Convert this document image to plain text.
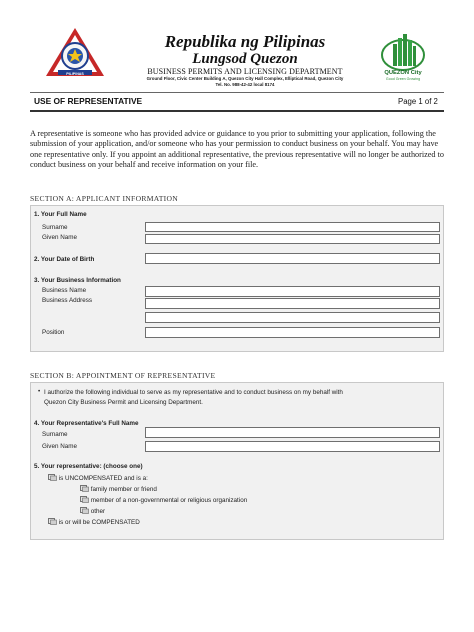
PILIPINAS
Republika ng Pilipinas
Lungsod Quezon
BUSINESS PERMITS AND LICENSING DEPARTMENT
Ground Floor, Civic Center Building A, Quezon City Hall Complex, Elliptical Road, Quezon City
Tel. No. 988-42-42 local 8174
QUEZON City
Good Green Growing
USE OF REPRESENTATIVE	Page 1 of 2
A representative is someone who has provided advice or guidance to you prior to submitting your application, following the submission of your application, and/or someone who has your permission to conduct business on your behalf. You may have one representative only. If you appoint an additional representative, the previous representative will no longer be authorized to conduct business on your behalf and receive information on your file.
SECTION A: APPLICANT INFORMATION
1. Your Full Name
Surname
Given Name
2. Your Date of Birth
3. Your Business Information
Business Name
Business Address
Position
SECTION B: APPOINTMENT OF REPRESENTATIVE
• I authorize the following individual to serve as my representative and to conduct business on my behalf with
Quezon City Business Permit and Licensing Department.
4. Your Representative's Full Name
Surname
Given Name
5. Your representative: (choose one)
is UNCOMPENSATED and is a:
family member or friend
member of a non-governmental or religious organization
other
is or will be COMPENSATED
